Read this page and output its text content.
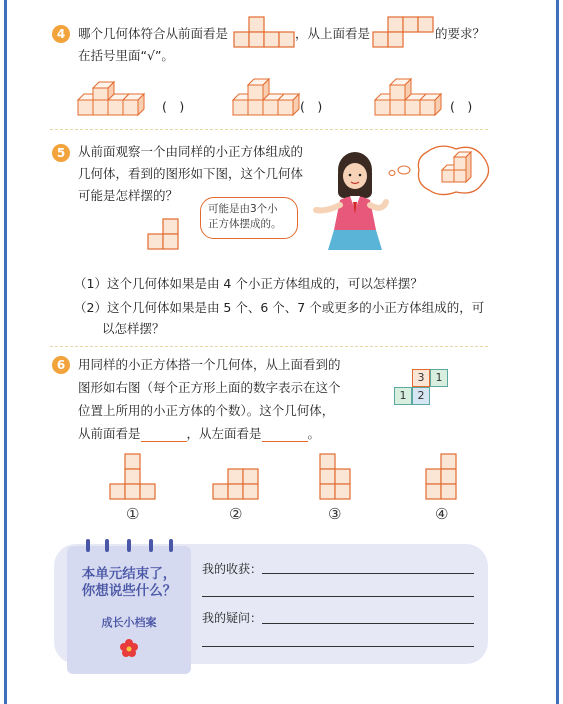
4	哪个几何体符合从前面看是	，从上面看是	的要求？
在括号里面“√”。
(　)	(　)	(　)
5	从前面观察一个由同样的小正方体组成的
几何体，看到的图形如下图，这个几何体
可能是怎样摆的？
可能是由3个小
正方体摆成的。
（1）这个几何体如果是由 4 个小正方体组成的，可以怎样摆？
（2）这个几何体如果是由 5 个、6 个、7 个或更多的小正方体组成的，可
以怎样摆？
6	用同样的小正方体搭一个几何体，从上面看到的
图形如右图（每个正方形上面的数字表示在这个
位置上所用的小正方体的个数）。这个几何体，
从前面看是	，从左面看是	。
3	1
1	2
①	②	③	④
本单元结束了，
你想说些什么？
成长小档案
我的收获：
我的疑问：
